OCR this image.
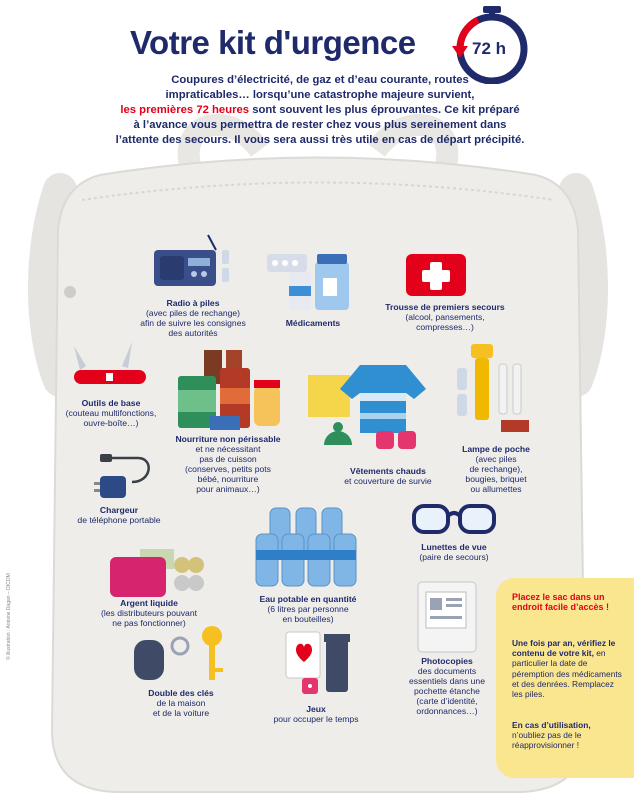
Votre kit d'urgence	72 h
Coupures d’électricité, de gaz et d’eau courante, routes
impraticables… lorsqu’une catastrophe majeure survient,
les premières 72 heures sont souvent les plus éprouvantes. Ce kit préparé
à l’avance vous permettra de rester chez vous plus sereinement dans
l’attente des secours. Il vous sera aussi très utile en cas de départ précipité.
Radio à piles
(avec piles de rechange)
afin de suivre les consignes
des autorités
Médicaments
Trousse de premiers secours
(alcool, pansements,
compresses…)
Outils de base
(couteau multifonctions,
ouvre-boîte…)
Nourriture non périssable
et ne nécessitant
pas de cuisson
(conserves, petits pots
bébé, nourriture
pour animaux…)
Vêtements chauds
et couverture de survie
Lampe de poche
(avec piles
de rechange),
bougies, briquet
ou allumettes
Chargeur
de téléphone portable
Lunettes de vue
(paire de secours)
Eau potable en quantité
(6 litres par personne
en bouteilles)
Argent liquide
(les distributeurs pouvant
ne pas fonctionner)
Photocopies
des documents
essentiels dans une
pochette étanche
(carte d’identité,
ordonnances…)
Double des clés
de la maison
et de la voiture	Jeux
pour occuper le temps

Placez le sac dans un endroit facile d’accès !

Une fois par an, vérifiez le contenu de votre kit, en particulier la date de péremption des médicaments et des denrées. Remplacez les piles.

En cas d’utilisation, n’oubliez pas de le réapprovisionner !

© illustration : Antoine Dagan – DICOM
